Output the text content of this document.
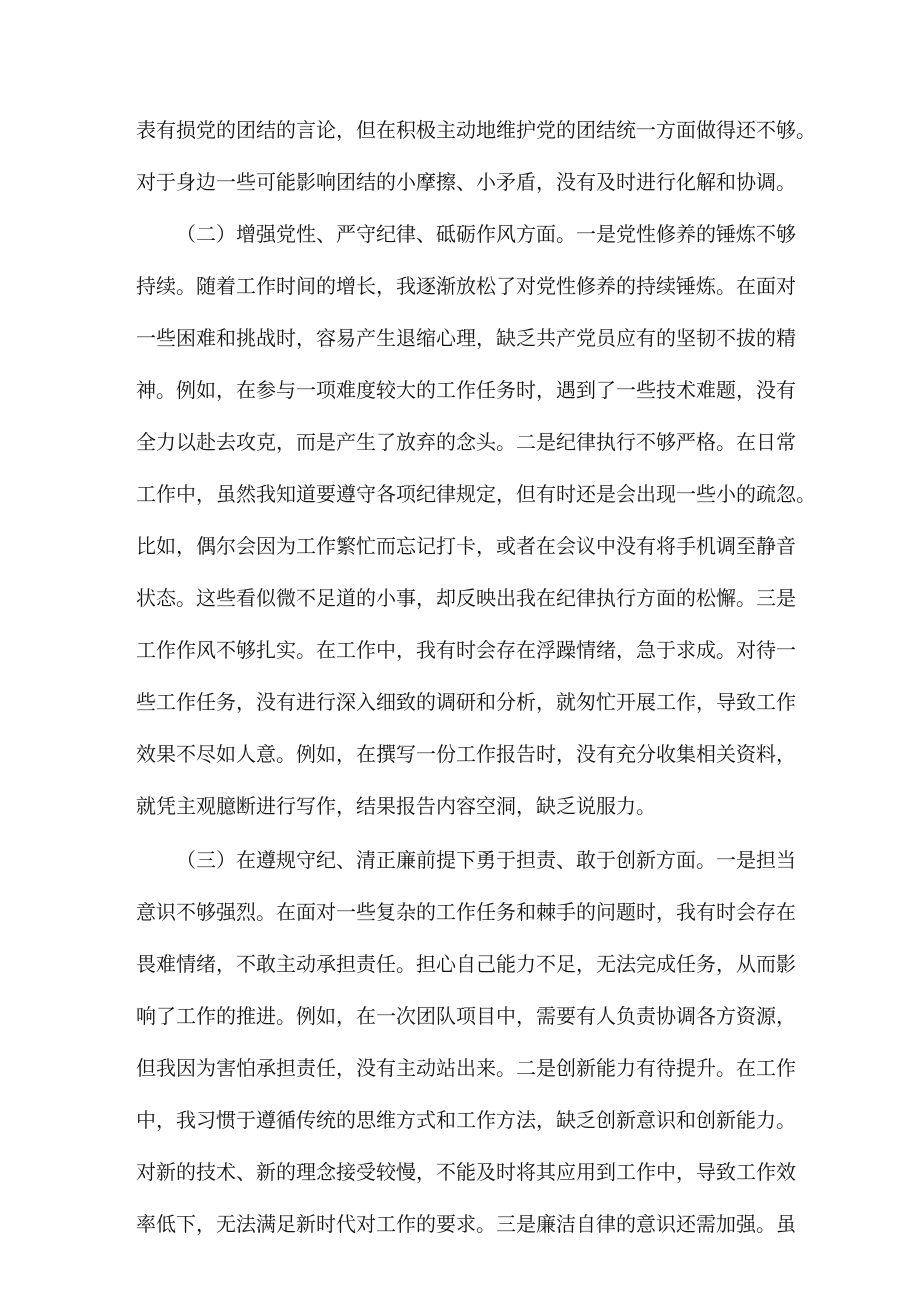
表有损党的团结的言论，但在积极主动地维护党的团结统一方面做得还不够。
对于身边一些可能影响团结的小摩擦、小矛盾，没有及时进行化解和协调。
（二）增强党性、严守纪律、砥砺作风方面。一是党性修养的锤炼不够
持续。随着工作时间的增长，我逐渐放松了对党性修养的持续锤炼。在面对
一些困难和挑战时，容易产生退缩心理，缺乏共产党员应有的坚韧不拔的精
神。例如，在参与一项难度较大的工作任务时，遇到了一些技术难题，没有
全力以赴去攻克，而是产生了放弃的念头。二是纪律执行不够严格。在日常
工作中，虽然我知道要遵守各项纪律规定，但有时还是会出现一些小的疏忽。
比如，偶尔会因为工作繁忙而忘记打卡，或者在会议中没有将手机调至静音
状态。这些看似微不足道的小事，却反映出我在纪律执行方面的松懈。三是
工作作风不够扎实。在工作中，我有时会存在浮躁情绪，急于求成。对待一
些工作任务，没有进行深入细致的调研和分析，就匆忙开展工作，导致工作
效果不尽如人意。例如，在撰写一份工作报告时，没有充分收集相关资料，
就凭主观臆断进行写作，结果报告内容空洞，缺乏说服力。
（三）在遵规守纪、清正廉前提下勇于担责、敢于创新方面。一是担当
意识不够强烈。在面对一些复杂的工作任务和棘手的问题时，我有时会存在
畏难情绪，不敢主动承担责任。担心自己能力不足，无法完成任务，从而影
响了工作的推进。例如，在一次团队项目中，需要有人负责协调各方资源，
但我因为害怕承担责任，没有主动站出来。二是创新能力有待提升。在工作
中，我习惯于遵循传统的思维方式和工作方法，缺乏创新意识和创新能力。
对新的技术、新的理念接受较慢，不能及时将其应用到工作中，导致工作效
率低下，无法满足新时代对工作的要求。三是廉洁自律的意识还需加强。虽
